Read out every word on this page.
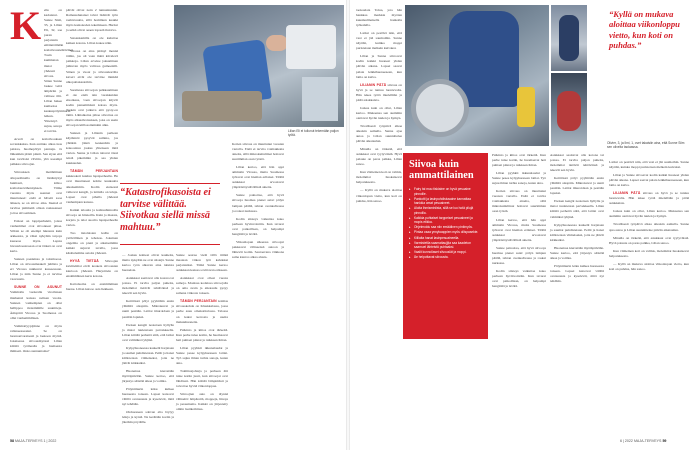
K ello on kadonnut. Sunne Siim, 33, ja Lilian Eli, 32, saa puran perjantain emännöimään kotisiivoustehtäväksi. Tosin kummatan mutot yhdessä siivota. Sitten Sunne laskee vettä ämpäriin ja valitsee tilit. Lilian hakee kumaoisa keskuspölynimurin letkun. Yhteistyö sujuu, sanoja ei tarvita.

Arvelt on kotisiivouksen sovankkaksa. Kun aurinko alkaa tuas paistaa, huomepölyä pannuja. Ja läikanikin pläsit pinnit. Sen siyan että kun tarvitsisi vilvitin, yhä useampi palkkaa siivoojan.

Siivoukaen mettäminen allopuolhnalla on lisääntynyt huimasti, kiltoo kotitalousvähennyksen. Viime vuosina myös asennet ovat muuttuneet: enää ei hävetä saoa ääneen, se on siivoo aika. Itsensä ei tarvitse pimmeää ollaan raskasaneet ja itse siivoamisen.

Esiteet on lappiperhekiä, joissa vanhemmat ovat siivonneet pihaa. Silloin se oli enempi luksusta kuin arkkeasta, ja väksi nykyään tarpoja kuaaosa myös. Lapsia luvausboautosaan ovat tärkeä on ovat kerta.

Sunnen paaskinsa ja tattamoosa. Lilian on siivousmaakelt juhlista ja eri Virossa nukkuvat kasseessaan. Lilian ja näin Sunne ja ei tarvitse vaavausin.

SUNNE ON ASUNUT Vammalla vuokralla viroilaisen miehensä kanssa nelisen vuotta. Sunnen vanhempien on ollut hellippoo molemmille suunitteja. Ämspärit Virossa ja Suomessa on ollut vanhemmilleen.

Vammattyypijänne on myös ralleneessaanut. Se on luonnonvaraisesti ja laakoon myötä. Jokaisessa siivousmyössä Lilian kiittää työmaalla ja hamaasta ihmiseti. Onko sunnuntaina?

päivät olivat noin 2 tunnuntunnin. Ramasudunaiset talvet lisäävät työn raahtavuutta, sillä hommien kaakki myös kantokoden tekemiseen. Hartiat ja selkä olivat aaaen lopastä ilutoiva.

Satsankamilla on ole kuluttaa kaiken kotona. Lilian kokee näin.

Virossa on aina pitänyt mennä töihin, jos oli vaan minä kävelevä paikkoja. Lilian arvelee jaksaminen juhtuvan myös valitosa gumeentili. Siinen ja vuoat ja siivouskortilta kaveri eivät ole tarvitse minkää ulkoputtakasioihin.

Suomessa siivoojan palkkaaminen ei ole enää tain varakkaiden etuoikeus, vaan siivoojan käyvät kodin pienemmissä koissa myös. Tuokin ovat jatkuva että pysty-on tämä. Lähiaikoina pihaa siivottua on myös alkusiivoisuksen, joka on usein siivoojan kiillosoinninkin alku.

Sunnen ja Lilianin perheen käytännöt pysyvät samina, jos yhtäkin jännä keskenään ja kokoontuu joskus yhteiseen mitä varten. Sunne ja Lilian taitavat tässä teistä pikemmin ja saa yhden kuukauden.

TÄMÄN PERJANTAIN kakkoskoti kuuluu lapsiperheelle. He ovat muuttaneet kolme kuukautta aikaisemmin. Kodin eteisessä valkovat kengät, ja lattialla on leluja. Lapset ovat pihalla yhdessä vanhempien kanssa.

Kaikki taloutta ja kohtuuhinnoilla siivooja on hinnoilla. Kuin jo maasta, korjata ja talot suorita lapsiperheelle varten.

Tuo tietolaisten kallio on ystävällinen ja tehokas. Jokainen ongelma on pieni ja aikaisemmin kaikki sujuvat tavalla, jossa käsittelemme asioita yhdessä.

HYVÄ TIETÄÄ Siivoojan kuviitelmat eivät kosketa siivousten kiertoon yhdessä. Harjoittele on ensimmäinen kerta kotona.

Kattoluoma on ensimmäinen huone. Lilian katsoo asia liekkeen.

— Joskus kohteet olivat kauheita, mutta nykyään ne ovat siistejä. Sunne kertoo työn alkavan aina tutuista huoneista.

Asiakkaat saattavat olla kotona tai poissa. Ei tarvita paljon puhetta, molemmat tietävät tehtävänsä ja tekevät sen hyvin.

Keittiössä pölyt pyyhitään ensin ylhäältä alaspäin. Mikrokuvat ja uunit pestään. Lattiat imuroidaan ja pestään lopuksi.

Eteisen kengät nostetaan hyllylle ja matot tuuletetaan parvekkeella. Lilian kiittää perhettä siitä, että lattiat ovat valmiiksi tyhjinä.

Kylpyhuoneessa kaakelit harjataan ja saumat puhdistetaan. Peilit ja hanat kiillotetaan viimeiseksi, jotta ne jäävät kirkkaiksi.

Huoneissa kierretään myötäpäivään. Sunne kertoo, että järjestys säästää aikaa ja voimia.

Pölynimurin letku kulkee huoneesta toiseen. Lapset katsovat välillä ovensuusta ja kyselevät, mitä nyt tehdään.

Olohuoneen sohvan alta löytyy leluja ja kyniä. Ne kerätään koriin ja jätetään pöydälle.

“Katastrofikasoista ei tarvitse välittää. Siivotkaa siellä missä mahtuu.”

Sunne seuraa vielä tällä tiimiä maataan viikon työt kahdeksi perjantaiksi. Tämä Sunne kertoo asiakkaan kanssa sovittavan erikseen.

Asiakkaat ovat olleet vuosia samoja. Monissa kodeissa siivoojalla on oma avain ja aikataulu pysyy samana viikosta toiseen.

TÄMÄN PERJANTAIN kolmas siivouskohde on Klaukkalassa, jossa perhe asuu omakotitalossa. Talossa on kaksi kerrosta ja useita makuuhuoneita.

Palkinto ja kiitos ovat tärkeitä. Kun perhe tulee kotiin, he huomaavat heti puhtaat pinnat ja raikkaan ilman.

Lilian pyyhkii ikkunalaudat ja Sunne pesee kylpyhuoneen lattiat. Työ sujuu ilman turhia sanoja, kuten aina.

Toimitusjohtaja ja perheen äiti tulee kotiin juuri, kun siivoojat ovat lähdössä. Hän kiittää lämpimästi ja toivottaa hyvää viikonloppua.

Siivoojien auto on täynnä välineitä: ämpäreitä, moppeja, liinoja ja pesuaineita. Kaikki on järjestetty omiin laatikoihinsa.

Kotien siivous on muuttunut vuosien varrella. Enää ei tarvita voimakkaita aineita, sillä mikrokuituliinat hoitavat suurimman osan työstä.

Lilian kertoo, että hän oppi ammatin Virossa, mutta Suomessa työtavat ovat hieman erilaiset. Täällä asiakkaat arvostavat ympäristöystävällisiä aineita.

Sunne painottaa, että hyvä siivooja huomaa pienet asiat: pölyn lampun päällä, tahran ovenkahvassa ja roskat nurkassa.

Kodin siisteys vaikuttaa koko perheen hyvinvointiin. Kun tavarat ovat paikoillaan, on helpompi hengittää ja levätä.

Viikonlopun alkaessa siivoojat pakkaavat välineensä autoon ja lähtevät kotiin. Seuraavana viikkona sama kierros alkaa alusta.

Lilian Eli ei tullunut tekemään paljon työtä.
58 MAJA-TERVEYS 1 | 2022
“Kyllä on mukava aloittaa viikonloppu vietto, kun koti on puhdas.”
Olivier, 3, ja Ilmi, 1, ovet takaisiin aina, että Sunne Siim sen olivelta taolaassa.

taokoulata Tolua, jota hän hankkaa merkkia myöten kuusikulmaisella hankalla työkalulla.

Lattiat on pestävä niin, että vesi ei jää saumoihin. Sunne näyttää, kuinka moppi puristetaan melkein kuivaksi.

Lilian ja Sunne siivoavat kodin kaikki huoneet yhden päivän aikana. Lapset saavat palata leikkihuoneeseen, kun lattia on kuiva.

LILIANIN PÄTÄ siivous on hyvä ja se tuntuu luontevalta. Hän tekee työtä mielellään ja pitää asiakkaista.

Joskus kuin on ollut, Lilian kertoo. Mukaansa sen aiemmin otettavat hyvän tuulen ja hymyn.

Tavallisesti työpäivä alkaa aikaisin aamulla. Sunne ajaa autoa ja Lilian suunnittelee päivän aikataulun.

Minulla on tärkeää, että asiakkaat ovat tyytyväisiä. Hyvä palaute on paras palkka, Lilian sanoo.

Kun viimeinen koti on valmis, molemmat huokaisevat helpotuksesta.

— Kyllä on mukava aloittaa viikonlopun vietto, kun koti on puhdas, hän sanoo.

Siivoa kuin ammattilainen
▸ Fairy tai muu tiskiaine on hyvä pesuaine pinnoille.
▸ Pankotti ja lasinpuhdistusaine kannattaa hankkia omat pesuaineet.
▸ Aloita ihmisminiista, sillä se luo hotä pilujä pinnoilla.
▸ Kaikkia puhtaiset tarppeiset pesuaineet ja mopis etikka.
▸ Ohjelmoidu saa niin emäälinen pintimyös.
▸ Pintaa osaa ynnykaappien myös ollispasekte.
▸ Kiillaita hanat lasinpesuaineella.
▸ Varmistetlla saamattaujijta saa kaadeton saamuel lähteistä puhtaaksi.
▸ Vaalit kunnollaset siivouslät ja moppi.
▸ Äe helpottavat siivousta.

Palkinto ja kiitos ovat tärkeitä. Kun perhe tulee kotiin, he huomaavat heti puhtaat pinnat ja raikkaan ilman.

Lilian pyyhkii ikkunalaudat ja Sunne pesee kylpyhuoneen lattiat. Työ sujuu ilman turhia sanoja, kuten aina.

Kotien siivous on muuttunut vuosien varrella. Enää ei tarvita voimakkaita aineita, sillä mikrokuituliinat hoitavat suurimman osan työstä.

Lilian kertoo, että hän oppi ammatin Virossa, mutta Suomessa työtavat ovat hieman erilaiset. Täällä asiakkaat arvostavat ympäristöystävällisiä aineita.

Sunne painottaa, että hyvä siivooja huomaa pienet asiat: pölyn lampun päällä, tahran ovenkahvassa ja roskat nurkassa.

Kodin siisteys vaikuttaa koko perheen hyvinvointiin. Kun tavarat ovat paikoillaan, on helpompi hengittää ja levätä.

Asiakkaat saattavat olla kotona tai poissa. Ei tarvita paljon puhetta, molemmat tietävät tehtävänsä ja tekevät sen hyvin.

Keittiössä pölyt pyyhitään ensin ylhäältä alaspäin. Mikrokuvat ja uunit pestään. Lattiat imuroidaan ja pestään lopuksi.

Eteisen kengät nostetaan hyllylle ja matot tuuletetaan parvekkeella. Lilian kiittää perhettä siitä, että lattiat ovat valmiiksi tyhjinä.

Kylpyhuoneessa kaakelit harjataan ja saumat puhdistetaan. Peilit ja hanat kiillotetaan viimeiseksi, jotta ne jäävät kirkkaiksi.

Huoneissa kierretään myötäpäivään. Sunne kertoo, että järjestys säästää aikaa ja voimia.

Pölynimurin letku kulkee huoneesta toiseen. Lapset katsovat välillä ovensuusta ja kyselevät, mitä nyt tehdään.

Lattiat on pestävä niin, että vesi ei jää saumoihin. Sunne näyttää, kuinka moppi puristetaan melkein kuivaksi.

Lilian ja Sunne siivoavat kodin kaikki huoneet yhden päivän aikana. Lapset saavat palata leikkihuoneeseen, kun lattia on kuiva.

LILIANIN PÄTÄ siivous on hyvä ja se tuntuu luontevalta. Hän tekee työtä mielellään ja pitää asiakkaista.

Joskus kuin on ollut, Lilian kertoo. Mukaansa sen aiemmin otettavat hyvän tuulen ja hymyn.

Tavallisesti työpäivä alkaa aikaisin aamulla. Sunne ajaa autoa ja Lilian suunnittelee päivän aikataulun.

Minulla on tärkeää, että asiakkaat ovat tyytyväisiä. Hyvä palaute on paras palkka, Lilian sanoo.

Kun viimeinen koti on valmis, molemmat huokaisevat helpotuksesta.

— Kyllä on mukava aloittaa viikonlopun vietto, kun koti on puhdas, hän sanoo.

6 | 2022 MAJA-TERVEYS 59
